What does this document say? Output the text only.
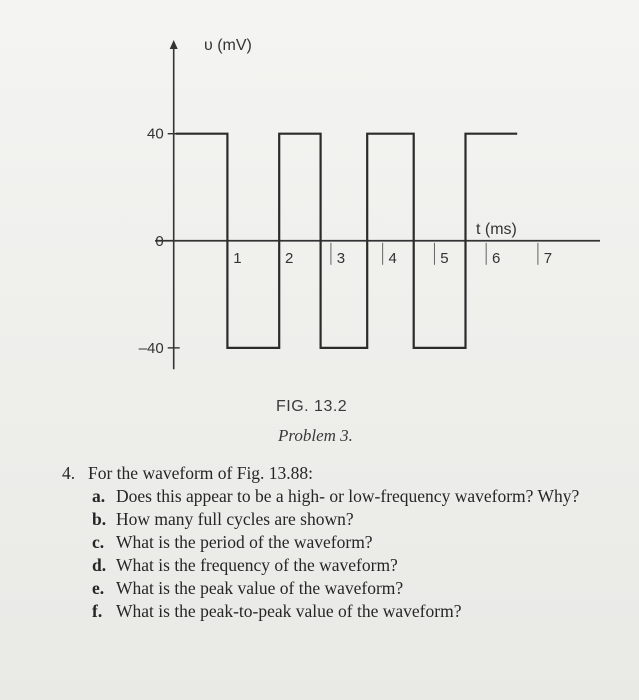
40
0
–40
1	2	3	4	5	6	7
υ (mV)
t (ms)
FIG. 13.2
Problem 3.
4. For the waveform of Fig. 13.88:
a. Does this appear to be a high- or low-frequency waveform? Why?
b. How many full cycles are shown?
c. What is the period of the waveform?
d. What is the frequency of the waveform?
e. What is the peak value of the waveform?
f. What is the peak-to-peak value of the waveform?
